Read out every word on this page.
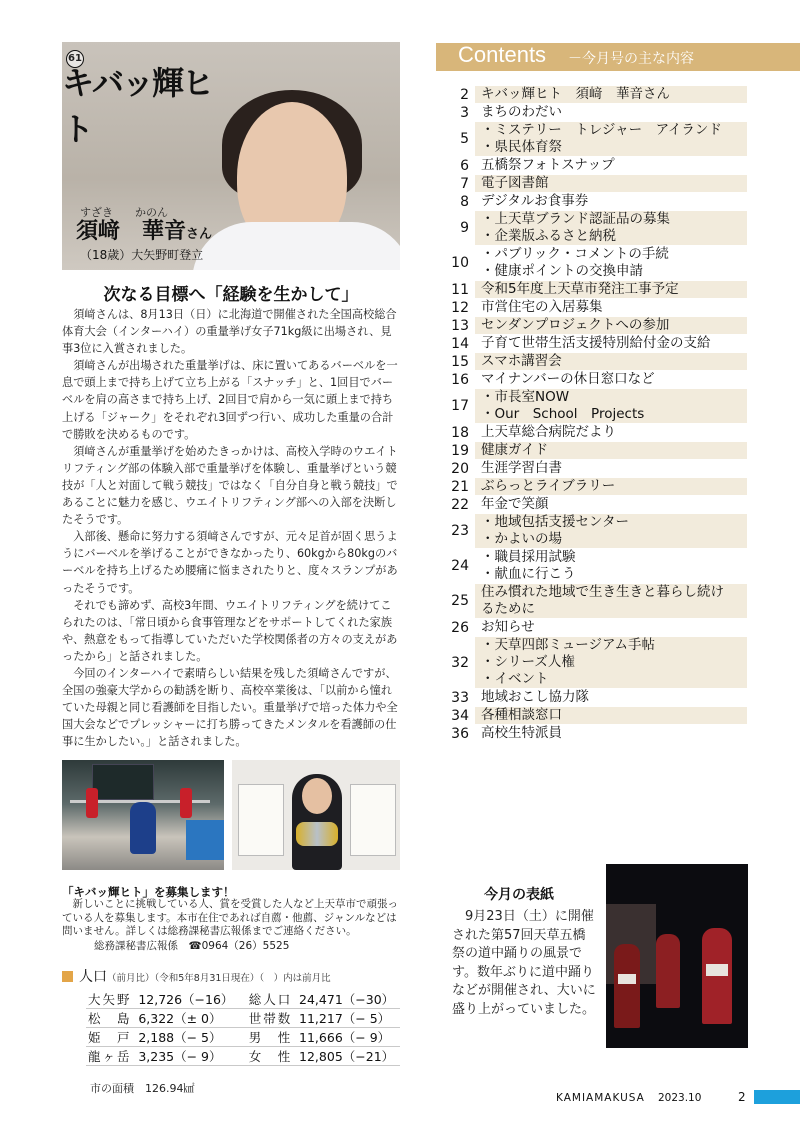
61
キバッ輝ヒト
すざき　　かのん
須﨑　華音さん
（18歳）大矢野町登立
次なる目標へ「経験を生かして」

須﨑さんは、8月13日（日）に北海道で開催された全国高校総合体育大会（インターハイ）の重量挙げ女子71kg級に出場され、見事3位に入賞されました。

須﨑さんが出場された重量挙げは、床に置いてあるバーベルを一息で頭上まで持ち上げて立ち上がる「スナッチ」と、1回目でバーベルを肩の高さまで持ち上げ、2回目で肩から一気に頭上まで持ち上げる「ジャーク」をそれぞれ3回ずつ行い、成功した重量の合計で勝敗を決めるものです。

須﨑さんが重量挙げを始めたきっかけは、高校入学時のウエイトリフティング部の体験入部で重量挙げを体験し、重量挙げという競技が「人と対面して戦う競技」ではなく「自分自身と戦う競技」であることに魅力を感じ、ウエイトリフティング部への入部を決断したそうです。

入部後、懸命に努力する須﨑さんですが、元々足首が固く思うようにバーベルを挙げることができなかったり、60kgから80kgのバーベルを持ち上げるため腰痛に悩まされたりと、度々スランプがあったそうです。

それでも諦めず、高校3年間、ウエイトリフティングを続けてこられたのは、「常日頃から食事管理などをサポートしてくれた家族や、熱意をもって指導していただいた学校関係者の方々の支えがあったから」と話されました。

今回のインターハイで素晴らしい結果を残した須﨑さんですが、全国の強豪大学からの勧誘を断り、高校卒業後は、「以前から憧れていた母親と同じ看護師を目指したい。重量挙げで培った体力や全国大会などでプレッシャーに打ち勝ってきたメンタルを看護師の仕事に生かしたい。」と話されました。

「キバッ輝ヒト」を募集します！
新しいことに挑戦している人、賞を受賞した人など上天草市で頑張っている人を募集します。本市在住であれば自薦・他薦、ジャンルなどは問いません。詳しくは総務課秘書広報係までご連絡ください。
総務課秘書広報係　☎0964（26）5525
人口（前月比）（令和5年8月31日現在）（　）内は前月比
大矢野	12,726（−16）		総人口	24,471（−30）
松　島	6,322（± 0）		世帯数	11,217（− 5）
姫　戸	2,188（− 5）		男　性	11,666（− 9）
龍ヶ岳	3,235（− 9）		女　性	12,805（−21）
市の面積　126.94㎢
Contents －今月号の主な内容
2 キバッ輝ヒト　須﨑　華音さん
3 まちのわだい
5
・ミステリー　トレジャー　アイランド
・県民体育祭
6 五橋祭フォトスナップ
7 電子図書館
8 デジタルお食事券
9
・上天草ブランド認証品の募集
・企業版ふるさと納税
10
・パブリック・コメントの手続
・健康ポイントの交換申請
11 令和5年度上天草市発注工事予定
12 市営住宅の入居募集
13 センダンプロジェクトへの参加
14 子育て世帯生活支援特別給付金の支給
15 スマホ講習会
16 マイナンバーの休日窓口など
17
・市長室NOW
・Our　School　Projects
18 上天草総合病院だより
19 健康ガイド
20 生涯学習白書
21 ぶらっとライブラリー
22 年金で笑顔
23
・地域包括支援センター
・かよいの場
24
・職員採用試験
・献血に行こう
25
住み慣れた地域で生き生きと暮らし続け
るために
26 お知らせ
32
・天草四郎ミュージアム手帖
・シリーズ人権
・イベント
33 地域おこし協力隊
34 各種相談窓口
36 高校生特派員
今月の表紙
9月23日（土）に開催された第57回天草五橋祭の道中踊りの風景です。数年ぶりに道中踊りなどが開催され、大いに盛り上がっていました。
KAMIAMAKUSA 2023.10	2
